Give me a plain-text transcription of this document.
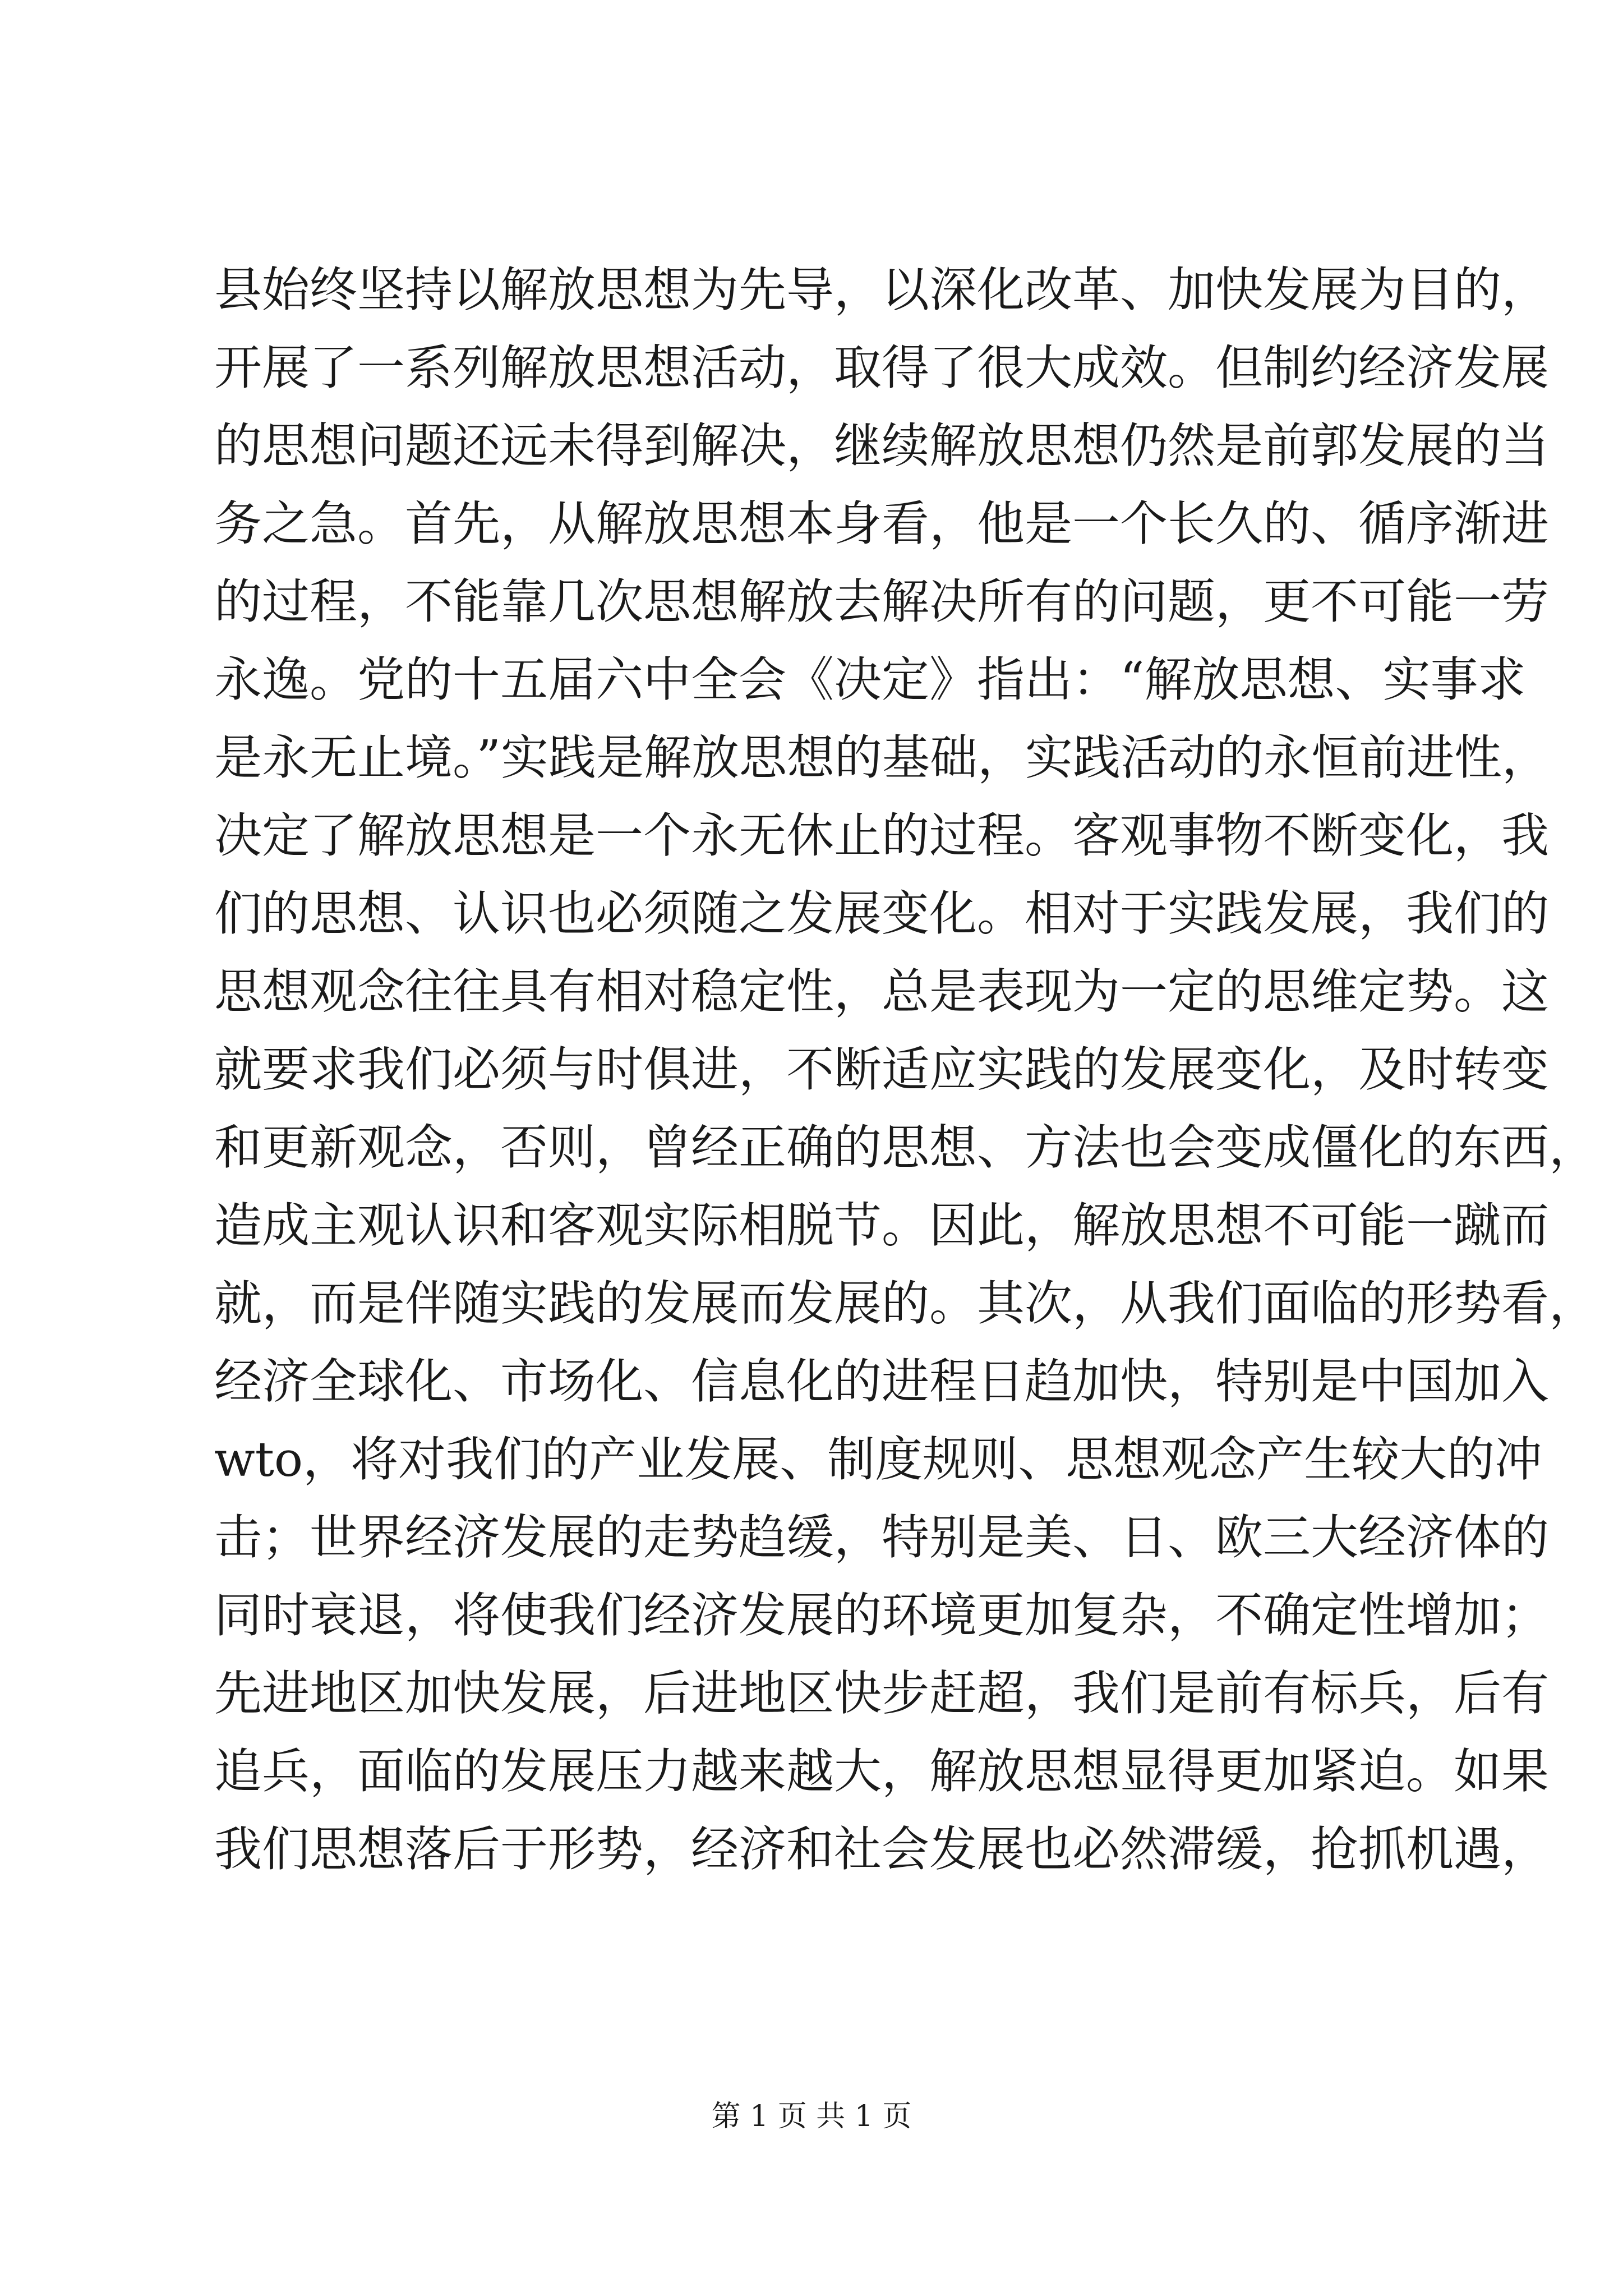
县始终坚持以解放思想为先导，以深化改革、加快发展为目的，
开展了一系列解放思想活动，取得了很大成效。但制约经济发展
的思想问题还远未得到解决，继续解放思想仍然是前郭发展的当
务之急。首先，从解放思想本身看，他是一个长久的、循序渐进
的过程，不能靠几次思想解放去解决所有的问题，更不可能一劳
永逸。党的十五届六中全会《决定》指出：“解放思想、实事求
是永无止境。”实践是解放思想的基础，实践活动的永恒前进性，
决定了解放思想是一个永无休止的过程。客观事物不断变化，我
们的思想、认识也必须随之发展变化。相对于实践发展，我们的
思想观念往往具有相对稳定性，总是表现为一定的思维定势。这
就要求我们必须与时俱进，不断适应实践的发展变化，及时转变
和更新观念，否则，曾经正确的思想、方法也会变成僵化的东西，
造成主观认识和客观实际相脱节。因此，解放思想不可能一蹴而
就，而是伴随实践的发展而发展的。其次，从我们面临的形势看，
经济全球化、市场化、信息化的进程日趋加快，特别是中国加入
wto，将对我们的产业发展、制度规则、思想观念产生较大的冲
击；世界经济发展的走势趋缓，特别是美、日、欧三大经济体的
同时衰退，将使我们经济发展的环境更加复杂，不确定性增加；
先进地区加快发展，后进地区快步赶超，我们是前有标兵，后有
追兵，面临的发展压力越来越大，解放思想显得更加紧迫。如果
我们思想落后于形势，经济和社会发展也必然滞缓，抢抓机遇，
第 1 页 共 1 页
